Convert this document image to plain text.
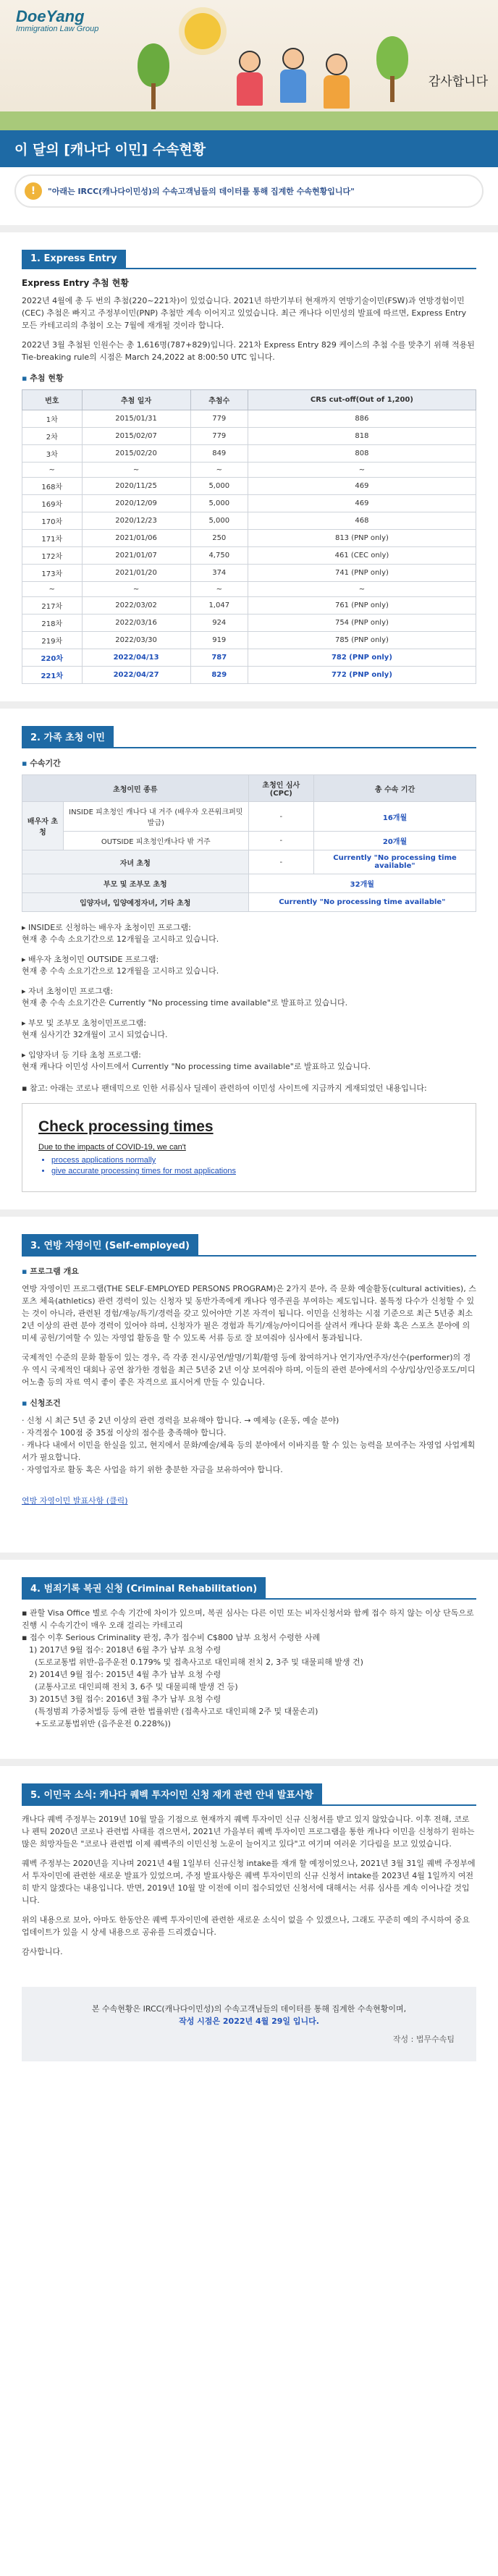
DoeYang
Immigration Law Group
감사합니다
이 달의 [캐나다 이민] 수속현황
!	"아래는 IRCC(캐나다이민성)의 수속고객님들의 데이터를 통해 집계한 수속현황입니다"
1. Express Entry
Express Entry 추첨 현황

2022년 4월에 총 두 번의 추첨(220~221차)이 있었습니다. 2021년 하반기부터 현재까지 연방기술이민(FSW)과 연방경험이민(CEC) 추첨은 빠지고 주정부이민(PNP) 추첨만 계속 이어지고 있었습니다. 최근 캐나다 이민성의 발표에 따르면, Express Entry 모든 카테고리의 추첨이 오는 7월에 재개될 것이라 합니다.

2022년 3월 추첨된 인원수는 총 1,616명(787+829)입니다. 221차 Express Entry 829 케이스의 추첨 수를 맞추기 위해 적용된 Tie-breaking rule의 시점은 March 24,2022 at 8:00:50 UTC 입니다.

▪ 추첨 현황
번호	추첨 일자	추첨수	CRS cut-off(Out of 1,200)
1차	2015/01/31	779	886
2차	2015/02/07	779	818
3차	2015/02/20	849	808
~	~	~	~
168차	2020/11/25	5,000	469
169차	2020/12/09	5,000	469
170차	2020/12/23	5,000	468
171차	2021/01/06	250	813 (PNP only)
172차	2021/01/07	4,750	461 (CEC only)
173차	2021/01/20	374	741 (PNP only)
~	~	~	~
217차	2022/03/02	1,047	761 (PNP only)
218차	2022/03/16	924	754 (PNP only)
219차	2022/03/30	919	785 (PNP only)
220차	2022/04/13	787	782 (PNP only)
221차	2022/04/27	829	772 (PNP only)
2. 가족 초청 이민
▪ 수속기간
초청이민 종류		초청인 심사 (CPC)	총 수속 기간
배우자 초청	INSIDE 피초청인 캐나다 내 거주 (배우자 오픈워크퍼밋 발급)	-	16개월
	OUTSIDE 피초청인캐나다 밖 거주	-	20개월
자녀 초청		-	Currently "No processing time available"
부모 및 조부모 초청		32개월	
입양자녀, 입양예정자녀, 기타 초청		Currently "No processing time available"	
▸ INSIDE로 신청하는 배우자 초청이민 프로그램:
현재 총 수속 소요기간으로 12개월을 고시하고 있습니다.
▸ 배우자 초청이민 OUTSIDE 프로그램:
현재 총 수속 소요기간으로 12개월을 고시하고 있습니다.
▸ 자녀 초청이민 프로그램:
현재 총 수속 소요기간은 Currently "No processing time available"로 발표하고 있습니다.
▸ 부모 및 조부모 초청이민프로그램:
현재 심사기간 32개월이 고시 되었습니다.
▸ 입양자녀 등 기타 초청 프로그램:
현재 캐나다 이민성 사이트에서 Currently "No processing time available"로 발표하고 있습니다.
▪ 참고: 아래는 코로나 팬데믹으로 인한 서류심사 딜레이 관련하여 이민성 사이트에 지금까지 게재되었던 내용입니다:
Check processing times
Due to the impacts of COVID-19, we can't
• process applications normally
• give accurate processing times for most applications
3. 연방 자영이민 (Self-employed)
▪ 프로그램 개요

연방 자영이민 프로그램(THE SELF-EMPLOYED PERSONS PROGRAM)은 2가지 분야, 즉 문화 예술활동(cultural activities), 스포츠 체육(athletics) 관련 경력이 있는 신청자 및 동반가족에게 캐나다 영주권을 부여하는 제도입니다. 볼특정 다수가 신청할 수 있는 것이 아니라, 관련된 경험/재능/특기/경력을 갖고 있어야만 기본 자격이 됩니다. 이민을 신청하는 시점 기준으로 최근 5년중 최소 2년 이상의 관련 분야 경력이 있어야 하며, 신청자가 필은 경험과 특기/재능/아이디어를 살려서 캐나다 문화 혹은 스포츠 분야에 의미세 공헌/기여할 수 있는 자영업 활동을 할 수 있도록 서류 등로 잘 보여줘야 심사에서 통과됩니다.

국제적인 수준의 문화 활동이 있는 경우, 즉 각종 전시/공연/발명/기획/활영 등에 참여하거나 연기자/연주자/선수(performer)의 경우 역시 국제적인 대회나 공연 참가한 경험을 최근 5년중 2년 이상 보여줘야 하며, 이들의 관련 분야에서의 수상/입상/인증포도/미디어노출 등의 자료 역시 좋이 좋은 자격으로 표시어게 만들 수 있습니다.

▪ 신청조건
· 신청 시 최근 5년 중 2년 이상의 관련 경력을 보유해야 합니다. → 예체능 (운동, 예술 분야)
· 자격점수 100점 중 35점 이상의 점수를 충족해야 합니다.
· 캐나다 내에서 이민을 한실을 있고, 현지에서 문화/예술/체육 등의 분야에서 이바지를 할 수 있는 능력을 보여주는 자영업 사업계획서가 필요합니다.
· 자영업자로 활동 혹은 사업을 하기 위한 충분한 자금을 보유하여야 합니다.
연방 자영이민 발표사항 (클릭)
4. 범죄기록 복권 신청 (Criminal Rehabilitation)
▪ 관할 Visa Office 별로 수속 기간에 차이가 있으며, 복권 심사는 다른 이민 또는 비자신청서와 함께 접수 하지 않는 이상 단독으로 진행 시 수속기간이 매우 오래 걸리는 카테고리
▪ 접수 이후 Serious Criminality 판정, 추가 접수비 C$800 납부 요청서 수령한 사례
1) 2017년 9월 접수: 2018년 6월 추가 납부 요청 수령
(도로교통법 위반-음주운전 0.179% 및 접촉사고로 대인피해 전치 2, 3주 및 대물피해 발생 건)
2) 2014년 9월 접수: 2015년 4월 추가 납부 요청 수령
(교통사고로 대인피해 전치 3, 6주 및 대물피해 발생 건 등)
3) 2015년 3월 접수: 2016년 3월 추가 납부 요청 수령
(특정범죄 가중처벌등 등에 관한 법률위반 (접촉사고로 대인피해 2주 및 대물손괴)
+도로교통법위반 (음주운전 0.228%))
5. 이민국 소식: 캐나다 퀘벡 투자이민 신청 재개 관련 안내 발표사항

캐나다 퀘벡 주정부는 2019년 10월 말을 기점으로 현재까지 퀘벡 투자이민 신규 신청서를 받고 있지 않았습니다. 이후 전해, 코로나 펜틱 2020년 코로나 관련법 사태를 겪으면서, 2021년 가을부터 퀘벡 투자이민 프로그램을 통한 캐나다 이민을 신청하기 원하는 많은 희망자들은 "코로나 관련법 이제 퀘벡주의 이민신청 노운이 늘어지고 있다"고 여기며 여러운 기다림을 보고 있었습니다.

퀘벡 주정부는 2020년을 지나며 2021년 4월 1일부터 신규신청 intake를 재개 할 예정이었으나, 2021년 3월 31일 퀘벡 주정부에서 투자이민에 관련한 새로운 발표가 있었으며, 주정 발표사항은 퀘벡 투자이민의 신규 신청서 intake를 2023년 4월 1일까지 여전히 받지 않겠다는 내용입니다. 반면, 2019년 10월 말 이전에 이미 접수되었던 신청서에 대해서는 서류 심사를 계속 이어나갈 것입니다.

위의 내용으로 보아, 아마도 한동안은 퀘벡 투자이민에 관련한 새로운 소식이 없을 수 있겠으나, 그래도 꾸준히 예의 주시하여 중요 업데이트가 있을 시 상세 내용으로 공유를 드리겠습니다.

감사합니다.

본 수속현황은 IRCC(캐나다이민성)의 수속고객님들의 데이터를 통해 집계한 수속현황이며,
작성 시점은 2022년 4월 29일 입니다.
작성 : 법무수속팀
